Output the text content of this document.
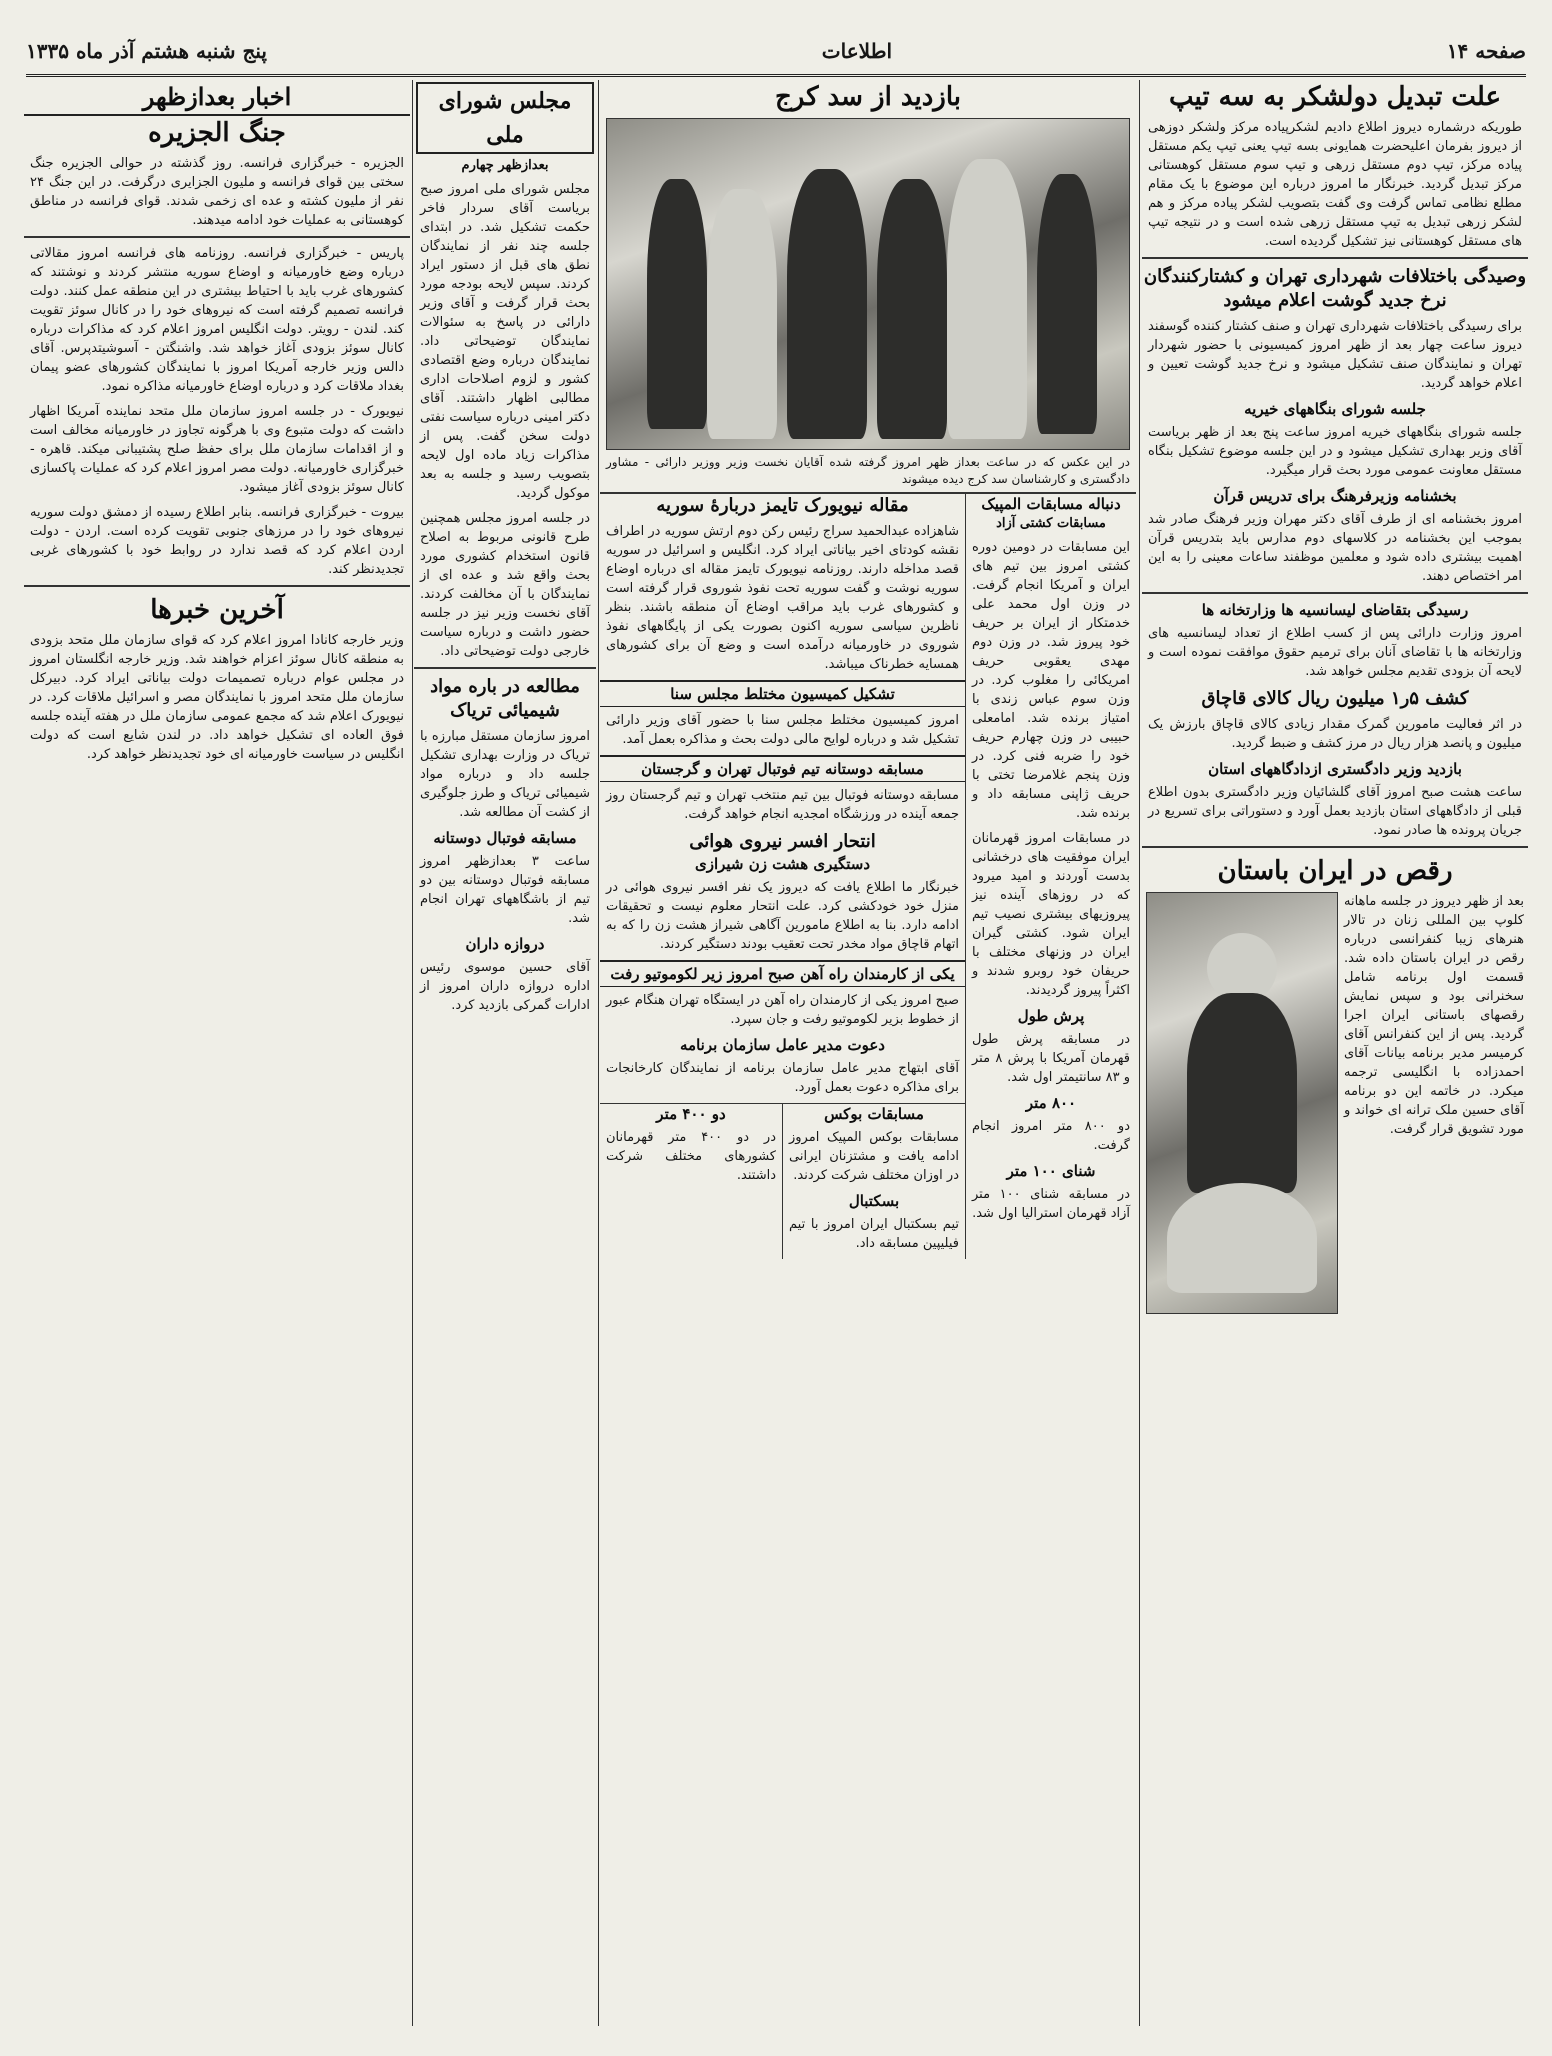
صفحه ۱۴
اطلاعات
پنج شنبه هشتم آذر ماه ۱۳۳۵
علت تبدیل دولشکر به سه تیپ

طوریکه درشماره دیروز اطلاع دادیم لشکرپیاده مرکز ولشکر دوزهی از دیروز بفرمان اعلیحضرت همایونی بسه تیپ یعنی تیپ یکم مستقل پیاده مرکز، تیپ دوم مستقل زرهی و تیپ سوم مستقل کوهستانی مرکز تبدیل گردید. خبرنگار ما امروز درباره این موضوع با یک مقام مطلع نظامی تماس گرفت وی گفت بتصویب لشکر پیاده مرکز و هم لشکر زرهی تبدیل به تیپ مستقل زرهی شده است و در نتیجه تیپ های مستقل کوهستانی نیز تشکیل گردیده است.

وصیدگی باختلافات شهرداری تهران و کشتارکنندگان نرخ جدید گوشت اعلام میشود

برای رسیدگی باختلافات شهرداری تهران و صنف کشتار کننده گوسفند دیروز ساعت چهار بعد از ظهر امروز کمیسیونی با حضور شهردار تهران و نمایندگان صنف تشکیل میشود و نرخ جدید گوشت تعیین و اعلام خواهد گردید.

جلسه شورای بنگاههای خیریه

جلسه شورای بنگاههای خیریه امروز ساعت پنج بعد از ظهر بریاست آقای وزیر بهداری تشکیل میشود و در این جلسه موضوع تشکیل بنگاه مستقل معاونت عمومی مورد بحث قرار میگیرد.

بخشنامه وزیرفرهنگ برای تدریس قرآن

امروز بخشنامه ای از طرف آقای دکتر مهران وزیر فرهنگ صادر شد بموجب این بخشنامه در کلاسهای دوم مدارس باید بتدریس قرآن اهمیت بیشتری داده شود و معلمین موظفند ساعات معینی را به این امر اختصاص دهند.

رسیدگی بتقاضای لیسانسیه ها وزارتخانه ها

امروز وزارت دارائی پس از کسب اطلاع از تعداد لیسانسیه های وزارتخانه ها با تقاضای آنان برای ترمیم حقوق موافقت نموده است و لایحه آن بزودی تقدیم مجلس خواهد شد.

کشف ۵ر۱ میلیون ریال کالای قاچاق

در اثر فعالیت مامورین گمرک مقدار زیادی کالای قاچاق بارزش یک میلیون و پانصد هزار ریال در مرز کشف و ضبط گردید.

بازدید وزیر دادگستری ازدادگاههای استان

ساعت هشت صبح امروز آقای گلشائیان وزیر دادگستری بدون اطلاع قبلی از دادگاههای استان بازدید بعمل آورد و دستوراتی برای تسریع در جریان پرونده ها صادر نمود.

رقص در ایران باستان

بعد از ظهر دیروز در جلسه ماهانه کلوپ بین المللی زنان در تالار هنرهای زیبا کنفرانسی درباره رقص در ایران باستان داده شد. قسمت اول برنامه شامل سخنرانی بود و سپس نمایش رقصهای باستانی ایران اجرا گردید. پس از این کنفرانس آقای کرمیسر مدیر برنامه بیانات آقای احمدزاده با انگلیسی ترجمه میکرد. در خاتمه این دو برنامه آقای حسین ملک ترانه ای خواند و مورد تشویق قرار گرفت.

بازدید از سد کرج
در این عکس که در ساعت بعداز ظهر امروز گرفته شده آقایان نخست وزیر ووزیر دارائی - مشاور دادگستری و کارشناسان سد کرج دیده میشوند
دنباله مسابقات المپیک
مسابقات کشتی آزاد

این مسابقات در دومین دوره کشتی امروز بین تیم های ایران و آمریکا انجام گرفت. در وزن اول محمد علی خدمتکار از ایران بر حریف خود پیروز شد. در وزن دوم مهدی یعقوبی حریف امریکائی را مغلوب کرد. در وزن سوم عباس زندی با امتیاز برنده شد. امامعلی حبیبی در وزن چهارم حریف خود را ضربه فنی کرد. در وزن پنجم غلامرضا تختی با حریف ژاپنی مسابقه داد و برنده شد.

در مسابقات امروز قهرمانان ایران موفقیت های درخشانی بدست آوردند و امید میرود که در روزهای آینده نیز پیروزیهای بیشتری نصیب تیم ایران شود. کشتی گیران ایران در وزنهای مختلف با حریفان خود روبرو شدند و اکثراً پیروز گردیدند.

پرش طول

در مسابقه پرش طول قهرمان آمریکا با پرش ۸ متر و ۸۳ سانتیمتر اول شد.

۸۰۰ متر

دو ۸۰۰ متر امروز انجام گرفت.

شنای ۱۰۰ متر

در مسابقه شنای ۱۰۰ متر آزاد قهرمان استرالیا اول شد.

مقاله نیویورک تایمز دربارهٔ سوریه

شاهزاده عبدالحمید سراج رئیس رکن دوم ارتش سوریه در اطراف نقشه کودتای اخیر بیاناتی ایراد کرد. انگلیس و اسرائیل در سوریه قصد مداخله دارند. روزنامه نیویورک تایمز مقاله ای درباره اوضاع سوریه نوشت و گفت سوریه تحت نفوذ شوروی قرار گرفته است و کشورهای غرب باید مراقب اوضاع آن منطقه باشند. بنظر ناظرین سیاسی سوریه اکنون بصورت یکی از پایگاههای نفوذ شوروی در خاورمیانه درآمده است و وضع آن برای کشورهای همسایه خطرناک میباشد.

تشکیل کمیسیون مختلط مجلس سنا

امروز کمیسیون مختلط مجلس سنا با حضور آقای وزیر دارائی تشکیل شد و درباره لوایح مالی دولت بحث و مذاکره بعمل آمد.

مسابقه دوستانه تیم فوتبال تهران و گرجستان

مسابقه دوستانه فوتبال بین تیم منتخب تهران و تیم گرجستان روز جمعه آینده در ورزشگاه امجدیه انجام خواهد گرفت.

انتحار افسر نیروی هوائی
دستگیری هشت زن شیرازی

خبرنگار ما اطلاع یافت که دیروز یک نفر افسر نیروی هوائی در منزل خود خودکشی کرد. علت انتحار معلوم نیست و تحقیقات ادامه دارد. بنا به اطلاع مامورین آگاهی شیراز هشت زن را که به اتهام قاچاق مواد مخدر تحت تعقیب بودند دستگیر کردند.

یکی از کارمندان راه آهن صبح امروز زیر لکوموتیو رفت

صبح امروز یکی از کارمندان راه آهن در ایستگاه تهران هنگام عبور از خطوط بزیر لکوموتیو رفت و جان سپرد.

دعوت مدیر عامل سازمان برنامه

آقای ابتهاج مدیر عامل سازمان برنامه از نمایندگان کارخانجات برای مذاکره دعوت بعمل آورد.

مسابقات بوکس

مسابقات بوکس المپیک امروز ادامه یافت و مشتزنان ایرانی در اوزان مختلف شرکت کردند.

بسکتبال

تیم بسکتبال ایران امروز با تیم فیلیپین مسابقه داد.

دو ۴۰۰ متر

در دو ۴۰۰ متر قهرمانان کشورهای مختلف شرکت داشتند.

مجلس شورای ملی
بعدازظهر چهارم

مجلس شورای ملی امروز صبح بریاست آقای سردار فاخر حکمت تشکیل شد. در ابتدای جلسه چند نفر از نمایندگان نطق های قبل از دستور ایراد کردند. سپس لایحه بودجه مورد بحث قرار گرفت و آقای وزیر دارائی در پاسخ به سئوالات نمایندگان توضیحاتی داد. نمایندگان درباره وضع اقتصادی کشور و لزوم اصلاحات اداری مطالبی اظهار داشتند. آقای دکتر امینی درباره سیاست نفتی دولت سخن گفت. پس از مذاکرات زیاد ماده اول لایحه بتصویب رسید و جلسه به بعد موکول گردید.

در جلسه امروز مجلس همچنین طرح قانونی مربوط به اصلاح قانون استخدام کشوری مورد بحث واقع شد و عده ای از نمایندگان با آن مخالفت کردند. آقای نخست وزیر نیز در جلسه حضور داشت و درباره سیاست خارجی دولت توضیحاتی داد.

مطالعه در باره مواد شیمیائی تریاک

امروز سازمان مستقل مبارزه با تریاک در وزارت بهداری تشکیل جلسه داد و درباره مواد شیمیائی تریاک و طرز جلوگیری از کشت آن مطالعه شد.

مسابقه فوتبال دوستانه

ساعت ۳ بعدازظهر امروز مسابقه فوتبال دوستانه بین دو تیم از باشگاههای تهران انجام شد.

دروازه داران

آقای حسین موسوی رئیس اداره دروازه داران امروز از ادارات گمرکی بازدید کرد.

اخبار بعدازظهر
جنگ الجزیره

الجزیره - خبرگزاری فرانسه. روز گذشته در حوالی الجزیره جنگ سختی بین قوای فرانسه و ملیون الجزایری درگرفت. در این جنگ ۲۴ نفر از ملیون کشته و عده ای زخمی شدند. قوای فرانسه در مناطق کوهستانی به عملیات خود ادامه میدهند.

پاریس - خبرگزاری فرانسه. روزنامه های فرانسه امروز مقالاتی درباره وضع خاورمیانه و اوضاع سوریه منتشر کردند و نوشتند که کشورهای غرب باید با احتیاط بیشتری در این منطقه عمل کنند. دولت فرانسه تصمیم گرفته است که نیروهای خود را در کانال سوئز تقویت کند. لندن - رویتر. دولت انگلیس امروز اعلام کرد که مذاکرات درباره کانال سوئز بزودی آغاز خواهد شد. واشنگتن - آسوشیتدپرس. آقای دالس وزیر خارجه آمریکا امروز با نمایندگان کشورهای عضو پیمان بغداد ملاقات کرد و درباره اوضاع خاورمیانه مذاکره نمود.

نیویورک - در جلسه امروز سازمان ملل متحد نماینده آمریکا اظهار داشت که دولت متبوع وی با هرگونه تجاوز در خاورمیانه مخالف است و از اقدامات سازمان ملل برای حفظ صلح پشتیبانی میکند. قاهره - خبرگزاری خاورمیانه. دولت مصر امروز اعلام کرد که عملیات پاکسازی کانال سوئز بزودی آغاز میشود.

بیروت - خبرگزاری فرانسه. بنابر اطلاع رسیده از دمشق دولت سوریه نیروهای خود را در مرزهای جنوبی تقویت کرده است. اردن - دولت اردن اعلام کرد که قصد ندارد در روابط خود با کشورهای غربی تجدیدنظر کند.

آخرین خبرها

وزیر خارجه کانادا امروز اعلام کرد که قوای سازمان ملل متحد بزودی به منطقه کانال سوئز اعزام خواهند شد. وزیر خارجه انگلستان امروز در مجلس عوام درباره تصمیمات دولت بیاناتی ایراد کرد. دبیرکل سازمان ملل متحد امروز با نمایندگان مصر و اسرائیل ملاقات کرد. در نیویورک اعلام شد که مجمع عمومی سازمان ملل در هفته آینده جلسه فوق العاده ای تشکیل خواهد داد. در لندن شایع است که دولت انگلیس در سیاست خاورمیانه ای خود تجدیدنظر خواهد کرد.
